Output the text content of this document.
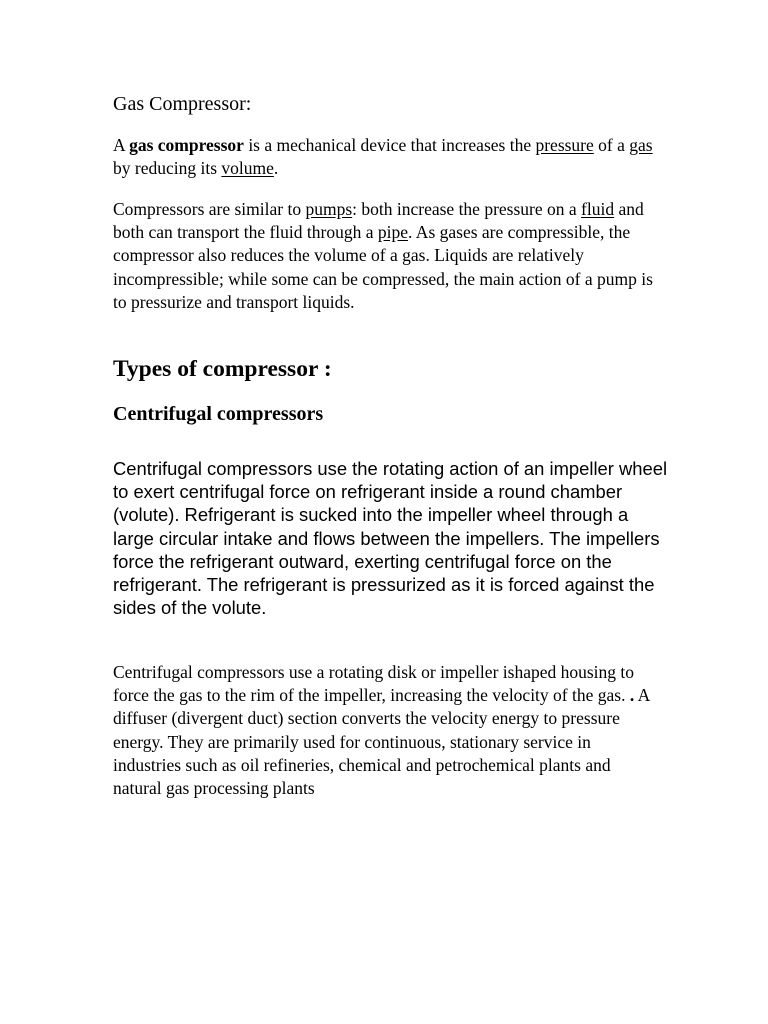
Gas Compressor:

A gas compressor is a mechanical device that increases the pressure of a gas by reducing its volume.

Compressors are similar to pumps: both increase the pressure on a fluid and both can transport the fluid through a pipe. As gases are compressible, the compressor also reduces the volume of a gas. Liquids are relatively incompressible; while some can be compressed, the main action of a pump is to pressurize and transport liquids.

Types of compressor :
Centrifugal compressors

Centrifugal compressors use the rotating action of an impeller wheel to exert centrifugal force on refrigerant inside a round chamber (volute). Refrigerant is sucked into the impeller wheel through a large circular intake and flows between the impellers. The impellers force the refrigerant outward, exerting centrifugal force on the refrigerant. The refrigerant is pressurized as it is forced against the sides of the volute.

Centrifugal compressors use a rotating disk or impeller ishaped housing to force the gas to the rim of the impeller, increasing the velocity of the gas. . A diffuser (divergent duct) section converts the velocity energy to pressure energy. They are primarily used for continuous, stationary service in industries such as oil refineries, chemical and petrochemical plants and natural gas processing plants
